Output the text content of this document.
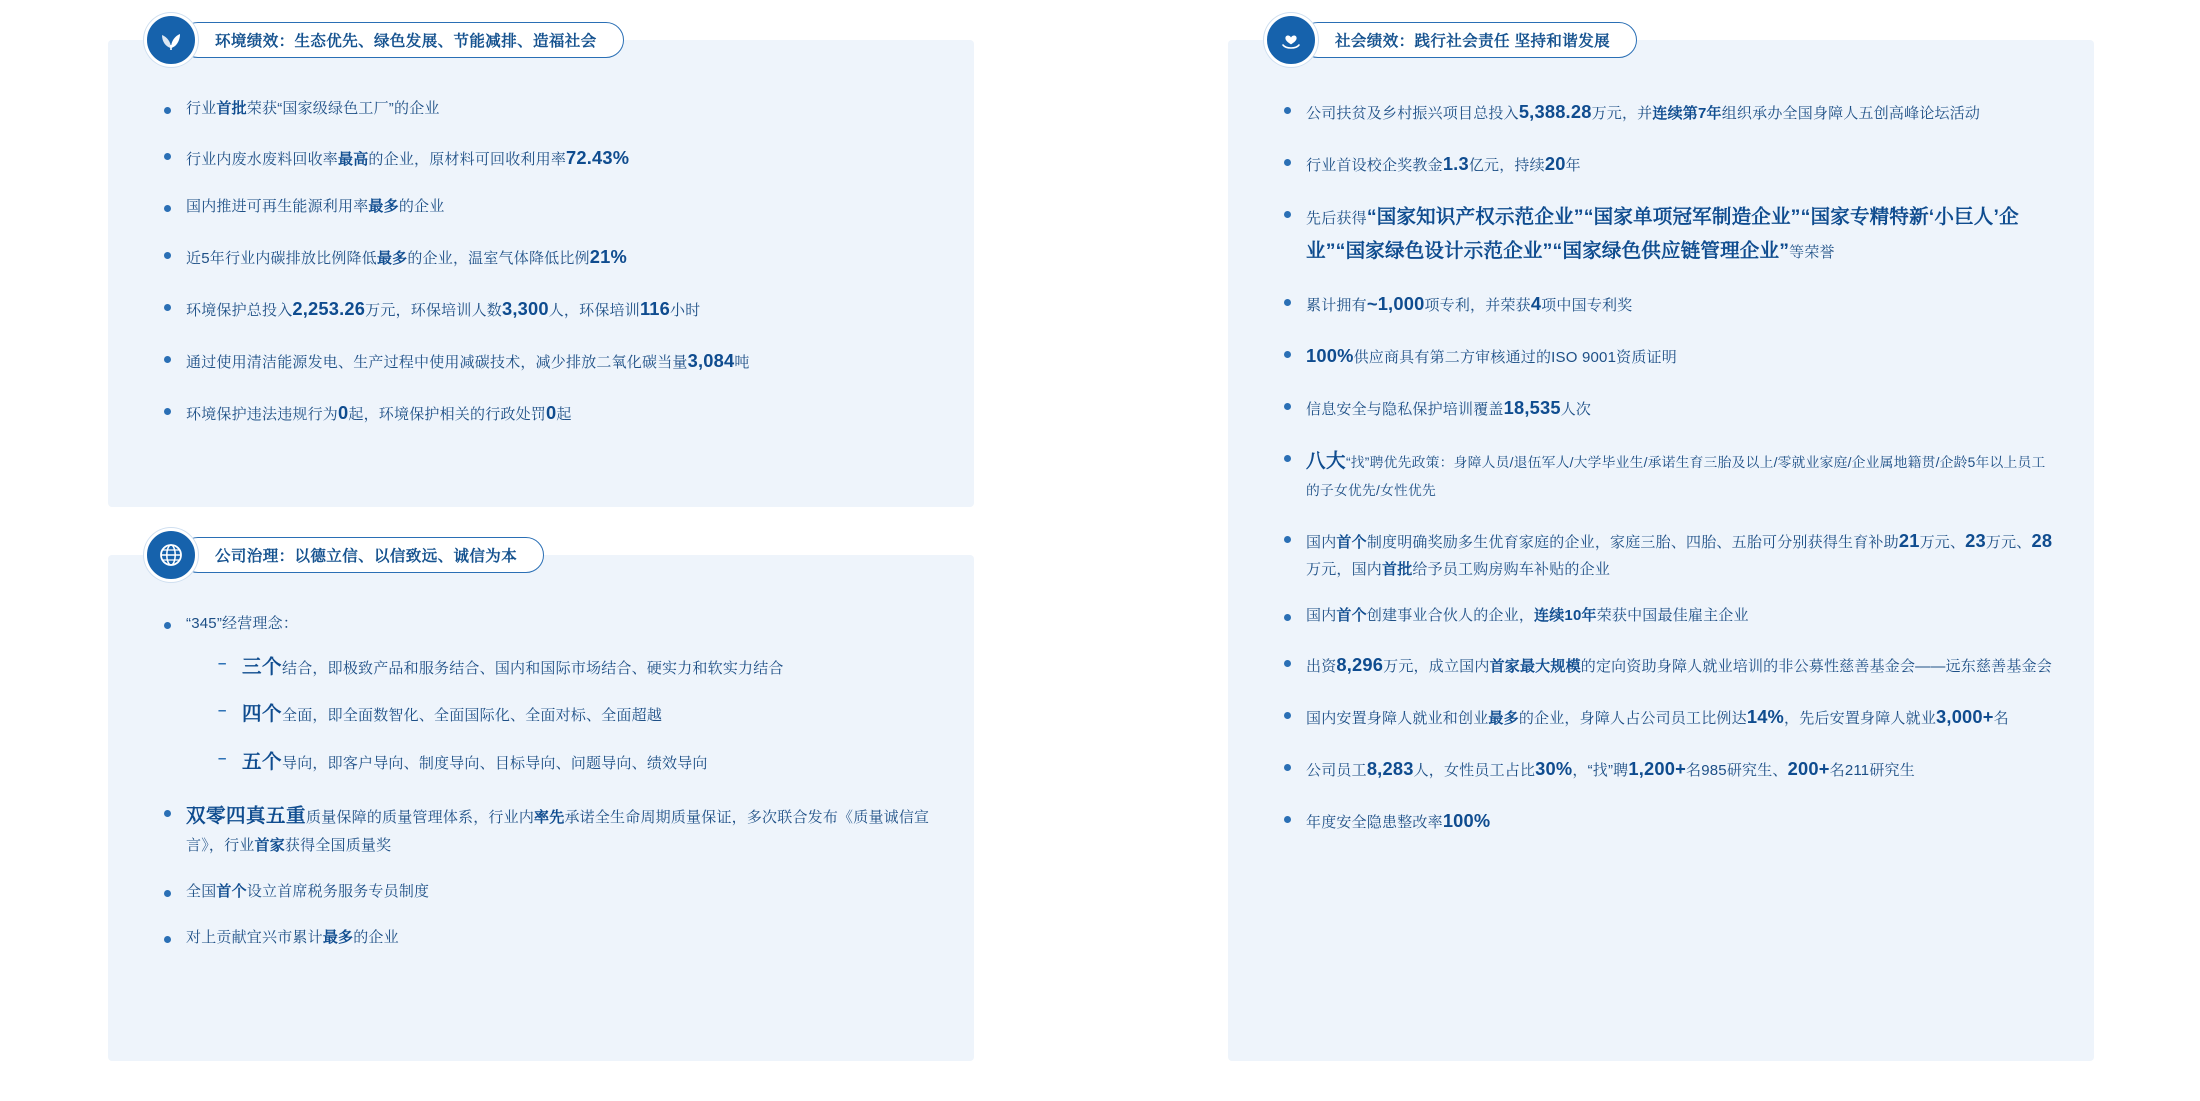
环境绩效：生态优先、绿色发展、节能减排、造福社会
行业首批荣获“国家级绿色工厂”的企业
行业内废水废料回收率最高的企业，原材料可回收利用率72.43%
国内推进可再生能源利用率最多的企业
近5年行业内碳排放比例降低最多的企业，温室气体降低比例21%
环境保护总投入2,253.26万元，环保培训人数3,300人，环保培训116小时
通过使用清洁能源发电、生产过程中使用减碳技术，减少排放二氧化碳当量3,084吨
环境保护违法违规行为0起，环境保护相关的行政处罚0起
公司治理：以德立信、以信致远、诚信为本
“345”经营理念：
– 三个结合，即极致产品和服务结合、国内和国际市场结合、硬实力和软实力结合
– 四个全面，即全面数智化、全面国际化、全面对标、全面超越
– 五个导向，即客户导向、制度导向、目标导向、问题导向、绩效导向
双零四真五重质量保障的质量管理体系，行业内率先承诺全生命周期质量保证，多次联合发布《质量诚信宣言》，行业首家获得全国质量奖
全国首个设立首席税务服务专员制度
对上贡献宜兴市累计最多的企业
社会绩效：践行社会责任 坚持和谐发展
公司扶贫及乡村振兴项目总投入5,388.28万元，并连续第7年组织承办全国身障人五创高峰论坛活动
行业首设校企奖教金1.3亿元，持续20年
先后获得“国家知识产权示范企业”“国家单项冠军制造企业”“国家专精特新‘小巨人’企业”“国家绿色设计示范企业”“国家绿色供应链管理企业”等荣誉
累计拥有~1,000项专利，并荣获4项中国专利奖
100%供应商具有第二方审核通过的ISO 9001资质证明
信息安全与隐私保护培训覆盖18,535人次
八大“找”聘优先政策：身障人员/退伍军人/大学毕业生/承诺生育三胎及以上/零就业家庭/企业属地籍贯/企龄5年以上员工的子女优先/女性优先
国内首个制度明确奖励多生优育家庭的企业，家庭三胎、四胎、五胎可分别获得生育补助21万元、23万元、28万元，国内首批给予员工购房购车补贴的企业
国内首个创建事业合伙人的企业，连续10年荣获中国最佳雇主企业
出资8,296万元，成立国内首家最大规模的定向资助身障人就业培训的非公募性慈善基金会——远东慈善基金会
国内安置身障人就业和创业最多的企业，身障人占公司员工比例达14%，先后安置身障人就业3,000+名
公司员工8,283人，女性员工占比30%，“找”聘1,200+名985研究生、200+名211研究生
年度安全隐患整改率100%
